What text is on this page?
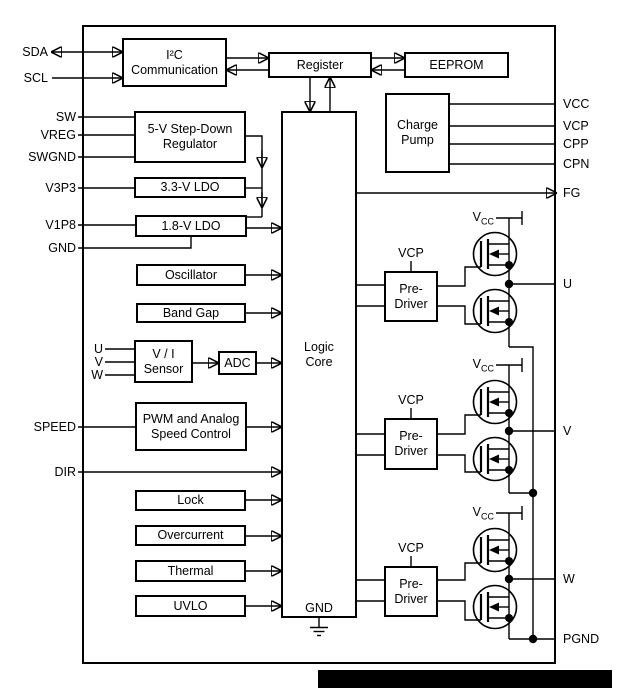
I²C
Communication	Register	EEPROM
5-V Step-Down
Regulator
3.3-V LDO
1.8-V LDO
Oscillator
Band Gap
V / I
Sensor	ADC
PWM and Analog
Speed Control
Lock
Overcurrent
Thermal
UVLO
Charge
Pump
Logic
Core
GND
Pre-
Driver
Pre-
Driver
Pre-
Driver
SDA
SCL
SW
VREG
SWGND
V3P3
V1P8
GND
U
V
W
SPEED
DIR
VCC
VCP
CPP
CPN
FG
U
V
W
PGND
VCP
VCP
VCP
$V_{CC}$
$V_{CC}$
$V_{CC}$
